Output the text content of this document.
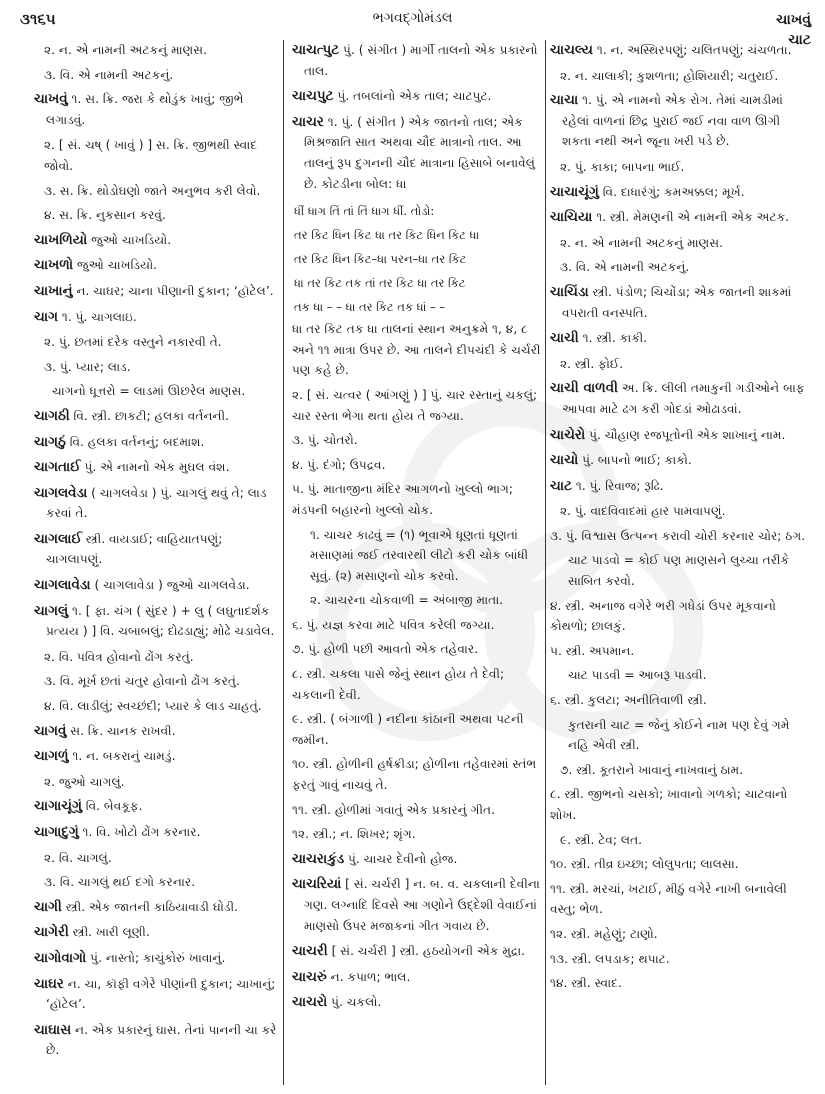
૩૧૬૫	ભગવદ્ગોમંડલ	ચાખવું
ચાટ

૨. ન. એ નામની અટકનું માણસ.

૩. વિ. એ નામની અટકનું.

ચાખવું ૧. સ. ક્રિ. જરા કે થોડુંક ખાવું; જીભે લગાડવું.

૨. [ સં. ચષ્ ( ખાવું ) ] સ. ક્રિ. જીભથી સ્વાદ જોવો.

૩. સ. ક્રિ. થોડોઘણો જાતે અનુભવ કરી લેવો.

૪. સ. ક્રિ. નુકસાન કરવું.

ચાખળિયો જુઓ ચાખડિયો.

ચાખળો જુઓ ચાખડિયો.

ચાખાનું ન. ચાઘર; ચાના પીણાની દુકાન; ‘હૉટેલ’.

ચાગ ૧. પું. ચાગલાઇ.

૨. પું. છતમાં દરેક વસ્તુને નકારવી તે.

૩. પું. પ્યાર; લાડ.

ચાગનો ધૂત્તરો = લાડમાં ઊછરેલ માણસ.

ચાગઠી વિ. સ્ત્રી. છાકટી; હલકા વર્તનની.

ચાગઠું વિ. હલકા વર્તનનું; બદમાશ.

ચાગતાઈ પું. એ નામનો એક મુઘલ વંશ.

ચાગલવેડા ( ચાગલવેડા ) પું. ચાગલું થવું તે; લાડ કરવાં તે.

ચાગલાઈ સ્ત્રી. વાયડાઈ; વાહિયાતપણું; ચાગલાપણું.

ચાગલાવેડા ( ચાગલાવેડા ) જુઓ ચાગલવેડા.

ચાગલું ૧. [ ફા. ચંગ ( સુંદર ) + લુ ( લઘુતાદર્શક પ્રત્યય ) ] વિ. ચબાબલું; દોઢડાહ્યું; મોઢે ચડાવેલ.

૨. વિ. પવિત્ર હોવાનો ઢોંગ કરતું.

૩. વિ. મૂર્ખ છતાં ચતુર હોવાનો ઢોંગ કરતું.

૪. વિ. લાડીલું; સ્વચ્છંદી; પ્યાર કે લાડ ચાહતું.

ચાગવું સ. ક્રિ. ચાનક રાખવી.

ચાગળું ૧. ન. બકરાનું ચામડું.

૨. જુઓ ચાગલું.

ચાગાચૂંગું વિ. બેવકૂફ.

ચાગાદુગું ૧. વિ. ખોટો ઢોંગ કરનાર.

૨. વિ. ચાગલું.

૩. વિ. ચાગલું થઈ દગો કરનાર.

ચાગી સ્ત્રી. એક જાતની કાઠિયાવાડી ઘોડી.

ચાગેરી સ્ત્રી. ખારી લૂણી.

ચાગોવાગો પું. નાસ્તો; કાચુંકોરું ખાવાનું.

ચાઘર ન. ચા, કૉફી વગેરે પીણાંની દુકાન; ચાખાનું; ‘હૉટેલ’.

ચાઘાસ ન. એક પ્રકારનું ઘાસ. તેનાં પાનની ચા કરે છે.

ચાચત્પુટ પું. ( સંગીત ) માર્ગી તાલનો એક પ્રકારનો તાલ.

ચાચપુટ પું. તબલાંનો એક તાલ; ચાટપુટ.

ચાચર ૧. પું. ( સંગીત ) એક જાતનો તાલ; એક મિશ્રજાતિ સાત અથવા ચૌદ માત્રાનો તાલ. આ તાલનું રૂપ દુગનની ચૌદ માત્રાના હિસાબે બનાવેલું છે. કોટડીના બોલ: ધા

ધીં ધાગ તિં તાં તિં ધાગ ધીં. તોડો:

તર કિટ ધિન કિટ ધા તર કિટ ધિન કિટ ધા

તર કિટ ધિન કિટ–ધા પરન–ધા તર કિટ

ધા તર કિટ તક તાં તર કિટ ધા તર કિટ

તક ધા – – ધા તર કિટ તક ધાં – –

ધા તર કિટ તક ધા તાલનાં સ્થાન અનુક્રમે ૧, ૪, ૮ અને ૧૧ માત્રા ઉપર છે. આ તાલને દીપચંદી કે ચર્ચરી પણ કહે છે.

૨. [ સં. ચત્વર ( આંગણું ) ] પું. ચાર રસ્તાનું ચકલું; ચાર રસ્તા ભેગા થતા હોય તે જગ્યા.

૩. પું. ચોતરો.

૪. પું. દંગો; ઉપદ્રવ.

૫. પું. માતાજીના મંદિર આગળનો ખુલ્લો ભાગ; મંડપની બહારનો ખુલ્લો ચોક.

૧. ચાચર કાઢવું = (૧) ભૂવાએ ધૂણતાં ધૂણતાં મસાણમાં જઈ તરવારથી લીટો કરી ચોક બાંધી સૂવું. (૨) મસાણનો ચોક કરવો.

૨. ચાચરના ચોકવાળી = અંબાજી માતા.

૬. પું. યજ્ઞ કરવા માટે પવિત્ર કરેલી જગ્યા.

૭. પું. હોળી પછી આવતો એક તહેવાર.

૮. સ્ત્રી. ચકલા પાસે જેનું સ્થાન હોય તે દેવી; ચકલાની દેવી.

૯. સ્ત્રી. ( બંગાળી ) નદીના કાંઠાની અથવા પટની જમીન.

૧૦. સ્ત્રી. હોળીની હર્ષક્રીડા; હોળીના તહેવારમાં સ્તંભ ફરતું ગાવું નાચવું તે.

૧૧. સ્ત્રી. હોળીમાં ગવાતું એક પ્રકારનું ગીત.

૧૨. સ્ત્રી.; ન. શિખર; શૃંગ.

ચાચરાકુંડ પું. ચાચર દેવીનો હોજ.

ચાચરિયાં [ સં. ચર્ચરી ] ન. બ. વ. ચકલાની દેવીના ગણ. લગ્નાદિ દિવસે આ ગણોને ઉદ્દેશી વેવાઈનાં માણસો ઉપર મજાકનાં ગીત ગવાય છે.

ચાચરી [ સં. ચર્ચરી ] સ્ત્રી. હઠયોગની એક મુદ્રા.

ચાચરું ન. કપાળ; ભાલ.

ચાચરો પું. ચકલો.

ચાચલ્ય ૧. ન. અસ્થિરપણું; ચલિતપણું; ચંચળતા.

૨. ન. ચાલાકી; કુશળતા; હોશિયારી; ચતુરાઈ.

ચાચા ૧. પું. એ નામનો એક રોગ. તેમાં ચામડીમાં રહેલાં વાળનાં છિદ્ર પુરાઈ જઈ નવા વાળ ઊગી શકતા નથી અને જૂના ખરી પડે છે.

૨. પું. કાકા; બાપના ભાઈ.

ચાચાચૂંગું વિ. દાધારંગું; કમઅક્કલ; મૂર્ખ.

ચાચિયા ૧. સ્ત્રી. મેમણની એ નામની એક અટક.

૨. ન. એ નામની અટકનું માણસ.

૩. વિ. એ નામની અટકનું.

ચાચિંડા સ્ત્રી. પંડોળ; ચિચોંડા; એક જાતની શાકમાં વપરાતી વનસ્પતિ.

ચાચી ૧. સ્ત્રી. કાકી.

૨. સ્ત્રી. ફોઈ.

ચાચી વાળવી અ. ક્રિ. લીલી તમાકુની ગડીઓને બાફ આપવા માટે ઢગ કરી ગોદડાં ઓઢાડવાં.

ચાચેરો પું. ચૌહાણ રજપૂતોની એક શાખાનું નામ.

ચાચો પું. બાપનો ભાઈ; કાકો.

ચાટ ૧. પું. રિવાજ; રૂઢિ.

૨. પું. વાદવિવાદમાં હાર પામવાપણું.

૩. પું. વિશ્વાસ ઉત્પન્ન કરાવી ચોરી કરનાર ચોર; ઠગ.

ચાટ પાડવો = કોઈ પણ માણસને લુચ્ચા તરીકે સાબિત કરવો.

૪. સ્ત્રી. અનાજ વગેરે ભરી ગધેડાં ઉપર મૂકવાનો કોથળો; છાલકું.

૫. સ્ત્રી. અપમાન.

ચાટ પાડવી = આબરૂ પાડવી.

૬. સ્ત્રી. કુલટા; અનીતિવાળી સ્ત્રી.

કુતરાની ચાટ = જેનું કોઈને નામ પણ દેવું ગમે નહિ એવી સ્ત્રી.

૭. સ્ત્રી. કૂતરાને ખાવાનું નાખવાનું ઠામ.

૮. સ્ત્રી. જીભનો ચસકો; ખાવાનો ગળકો; ચાટવાનો શોખ.

૯. સ્ત્રી. ટેવ; લત.

૧૦. સ્ત્રી. તીવ્ર ઇચ્છા; લોલુપતા; લાલસા.

૧૧. સ્ત્રી. મરચાં, ખટાઈ, મીઠું વગેરે નાખી બનાવેલી વસ્તુ; ભેળ.

૧૨. સ્ત્રી. મહેણું; ટાણો.

૧૩. સ્ત્રી. લપડાક; થપાટ.

૧૪. સ્ત્રી. સ્વાદ.
